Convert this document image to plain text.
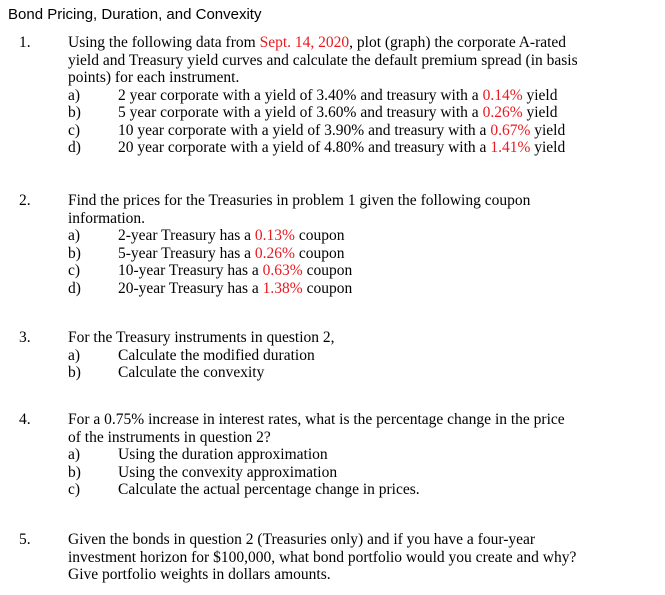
Bond Pricing, Duration, and Convexity
1. Using the following data from Sept. 14, 2020, plot (graph) the corporate A-rated
yield and Treasury yield curves and calculate the default premium spread (in basis
points) for each instrument.
a) 2 year corporate with a yield of 3.40% and treasury with a 0.14% yield
b) 5 year corporate with a yield of 3.60% and treasury with a 0.26% yield
c) 10 year corporate with a yield of 3.90% and treasury with a 0.67% yield
d) 20 year corporate with a yield of 4.80% and treasury with a 1.41% yield
2. Find the prices for the Treasuries in problem 1 given the following coupon
information.
a) 2-year Treasury has a 0.13% coupon
b) 5-year Treasury has a 0.26% coupon
c) 10-year Treasury has a 0.63% coupon
d) 20-year Treasury has a 1.38% coupon
3. For the Treasury instruments in question 2,
a) Calculate the modified duration
b) Calculate the convexity
4. For a 0.75% increase in interest rates, what is the percentage change in the price
of the instruments in question 2?
a) Using the duration approximation
b) Using the convexity approximation
c) Calculate the actual percentage change in prices.
5. Given the bonds in question 2 (Treasuries only) and if you have a four-year
investment horizon for $100,000, what bond portfolio would you create and why?
Give portfolio weights in dollars amounts.
